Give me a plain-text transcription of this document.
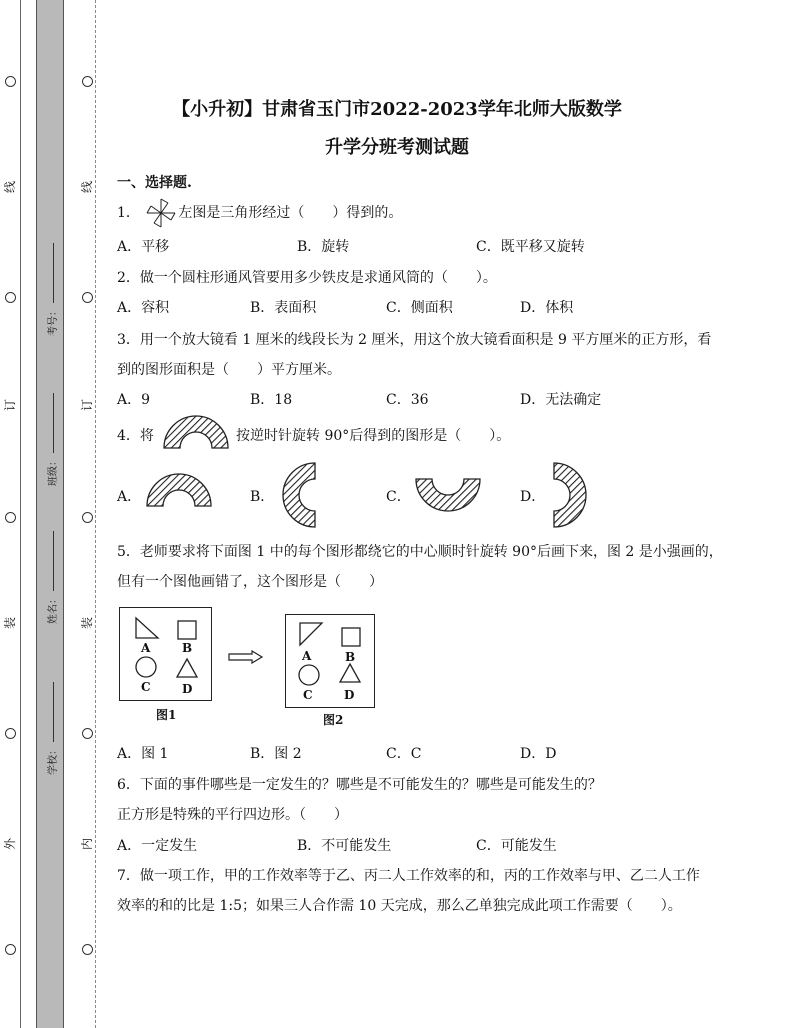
线
订
装
外
线
订
装
内
考号：
班级：
姓名：
学校：
【小升初】甘肃省玉门市2022-2023学年北师大版数学
升学分班考测试题
一、选择题.
1．	左图是三角形经过（　　）得到的。
A．平移	B．旋转	C．既平移又旋转
2．做一个圆柱形通风管要用多少铁皮是求通风筒的（　　）。
A．容积	B．表面积	C．侧面积	D．体积
3．用一个放大镜看 1 厘米的线段长为 2 厘米，用这个放大镜看面积是 9 平方厘米的正方形，看
到的图形面积是（　　）平方厘米。
A．9	B．18	C．36	D．无法确定
4．将	按逆时针旋转 90°后得到的图形是（　　）。
A．	B．	C．	D．
5．老师要求将下面图 1 中的每个图形都绕它的中心顺时针旋转 90°后画下来，图 2 是小强画的，
但有一个图他画错了，这个图形是（　　）
A	B
C	D
图1
A	B
C	D
图2
A．图 1	B．图 2	C．C	D．D
6．下面的事件哪些是一定发生的？哪些是不可能发生的？哪些是可能发生的？
正方形是特殊的平行四边形。（　　）
A．一定发生	B．不可能发生	C．可能发生
7．做一项工作，甲的工作效率等于乙、丙二人工作效率的和，丙的工作效率与甲、乙二人工作
效率的和的比是 1:5；如果三人合作需 10 天完成，那么乙单独完成此项工作需要（　　）。
